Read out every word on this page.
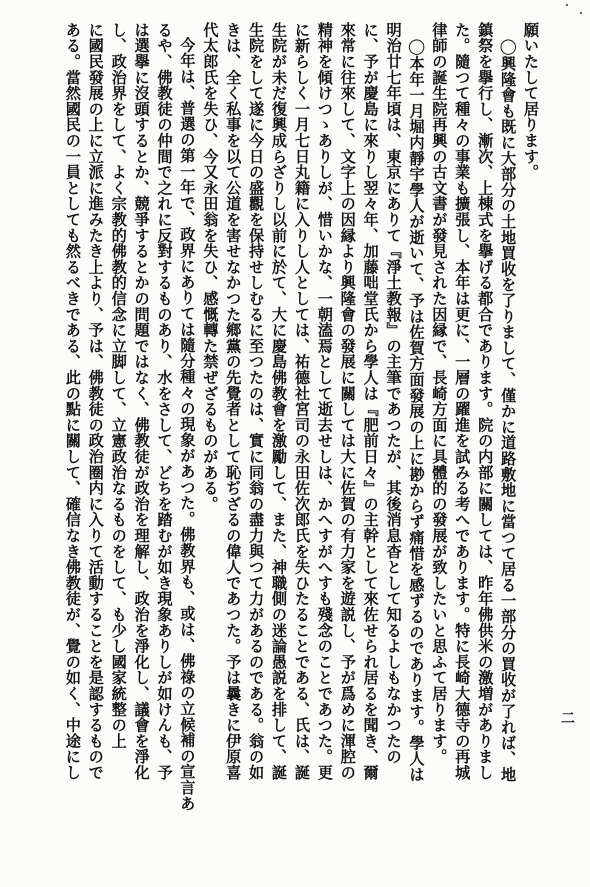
願いたして居ります。
◯興隆會も既に大部分の土地買收を了りまして、僅かに道路敷地に當つて居る一部分の買收が了れば、地
鎮祭を擧行し、漸次、上棟式を擧げる都合であります。院の内部に關しては、昨年佛供米の激増がありまし
た。隨つて種々の事業も擴張し、本年は更に、一層の躍進を試みる考へであります。特に長崎大德寺の再城
律師の誕生院再興の古文書が發見された因縁で、長崎方面に具體的の發展が致したいと思ふて居ります。
◯本年一月堀内靜宇學人が逝いて、予は佐賀方面發展の上に尠からず痛惜を感ずるのであります。學人は
明治廿七年頃は、東京にありて『淨土教報』の主筆であつたが、其後消息杳として知るよしもなかつたの
に、予が慶島に來りし翌々年、加藤咄堂氏から學人は『肥前日々』の主幹として來佐せられ居るを聞き、爾
來常に往來して、文字上の因縁より興隆會の發展に關しては大に佐賀の有力家を遊説し、予が爲めに渾腔の
精神を傾けつゝありしが、惜いかな、一朝溘焉として逝去せしは、かへすがへすも殘念のことであつた。更
に新らしく一月七日丸籍に入りし人としては、祐德社宮司の永田佐次郎氏を失ひたることである、氏は、誕
生院が未だ復興成らざりし以前に於て、大に慶島佛教會を激勵して、また、神職側の迷論愚説を排して、誕
生院をして遂に今日の盛觀を保持せしむるに至つたのは、實に同翁の盡力與つて力があるのである。翁の如
きは、全く私事を以て公道を害せなかつた鄉黨の先覺者として恥ぢざるの偉人であつた。予は曩きに伊原喜
代太郎氏を失ひ、今又永田翁を失ひ、感慨轉た禁ぜざるものがある。
今年は、普選の第一年で、政界にありては隨分種々の現象があつた。佛教界も、或は、佛祿の立候補の宣言あ
るや、佛教徒の仲間で之れに反對するものあり、水をさして、どちを踏むが如き現象ありしが如けんも、予
は選擧に沒頭するとか、競爭するとかの問題ではなく、佛教徒が政治を理解し、政治を淨化し、議會を淨化
し、政治界をして、よく宗教的佛教的信念に立脚して、立憲政治なるものをして、も少し國家統整の上
に國民發展の上に立派に進みたき上より、予は、佛教徒の政治圈内に入りて活動することを是認するもので
ある。當然國民の一員としても然るべきである、此の點に關して、確信なき佛教徒が、覺の如く、中途にし	二
